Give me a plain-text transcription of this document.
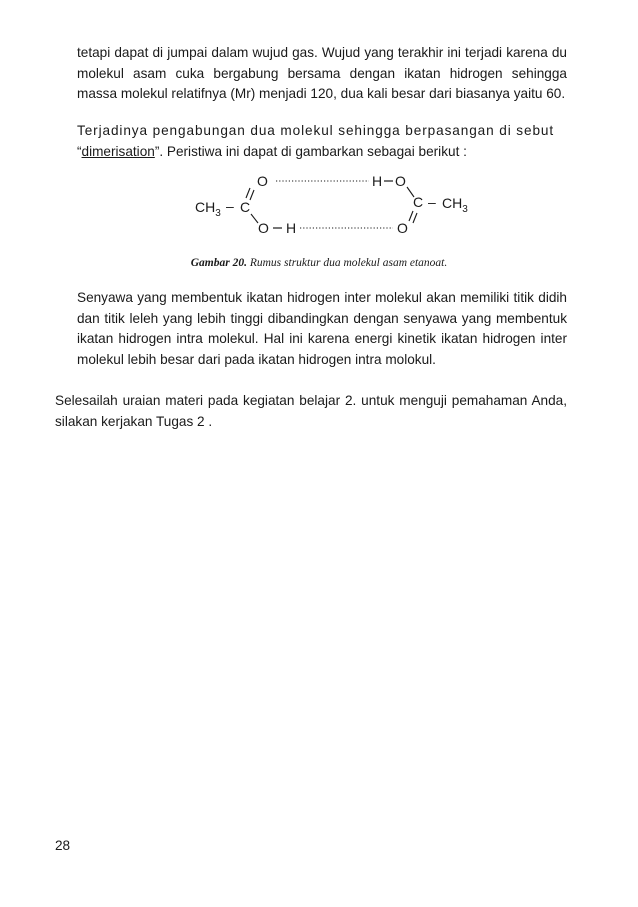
tetapi dapat di jumpai dalam wujud gas. Wujud yang terakhir ini terjadi karena du molekul asam cuka bergabung bersama dengan ikatan hidrogen sehingga massa molekul relatifnya (Mr) menjadi 120, dua kali besar dari biasanya yaitu 60.

Terjadinya pengabungan dua molekul sehingga berpasangan di sebut
“dimerisation”. Peristiwa ini dapat di gambarkan sebagai berikut :

O	H O
$CH_3$ – C	C – $CH_3$
O H	O
Gambar 20. Rumus struktur dua molekul asam etanoat.

Senyawa yang membentuk ikatan hidrogen inter molekul akan memiliki titik didih dan titik leleh yang lebih tinggi dibandingkan dengan senyawa yang membentuk ikatan hidrogen intra molekul. Hal ini karena energi kinetik ikatan hidrogen inter molekul lebih besar dari pada ikatan hidrogen intra molokul.

Selesailah uraian materi pada kegiatan belajar 2. untuk menguji pemahaman Anda, silakan kerjakan Tugas 2 .

28
